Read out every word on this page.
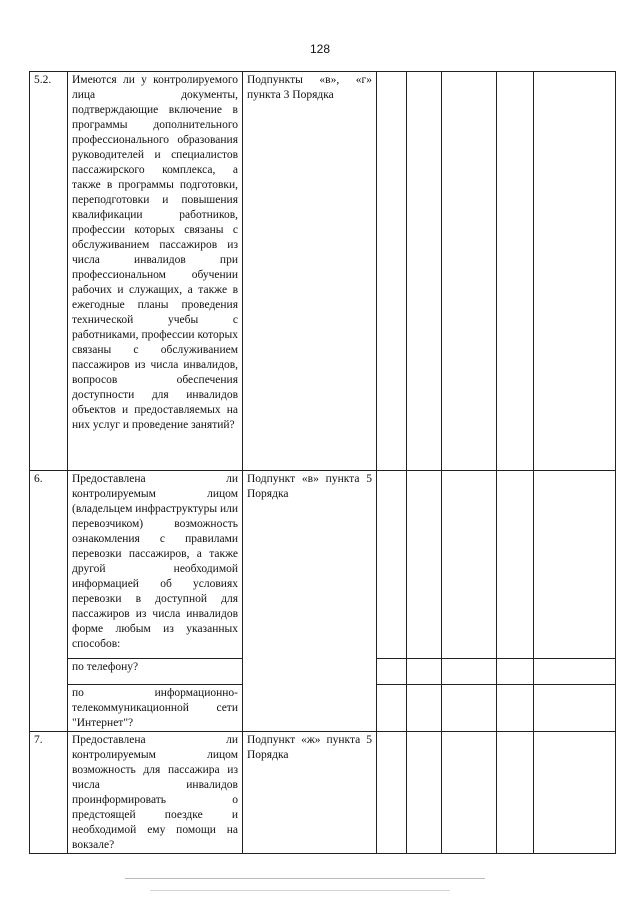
128
5.2.	Имеются ли у контролируемого лица документы, подтверждающие включение в программы дополнительного профессионального образования руководителей и специалистов пассажирского комплекса, а также в программы подготовки, переподготовки и повышения квалификации работников, профессии которых связаны с обслуживанием пассажиров из числа инвалидов при профессиональном обучении рабочих и служащих, а также в ежегодные планы проведения технической учебы с работниками, профессии которых связаны с обслуживанием пассажиров из числа инвалидов, вопросов обеспечения доступности для инвалидов объектов и предоставляемых на них услуг и проведение занятий?	Подпункты «в», «г» пункта 3 Порядка					
6.	Предоставлена ли контролируемым лицом (владельцем инфраструктуры или перевозчиком) возможность ознакомления с правилами перевозки пассажиров, а также другой необходимой информацией об условиях перевозки в доступной для пассажиров из числа инвалидов форме любым из указанных способов:	Подпункт «в» пункта 5 Порядка					
	по телефону?						
	по информационно-телекоммуникационной сети "Интернет"?						
7.	Предоставлена ли контролируемым лицом возможность для пассажира из числа инвалидов проинформировать о предстоящей поездке и необходимой ему помощи на вокзале?	Подпункт «ж» пункта 5 Порядка					
